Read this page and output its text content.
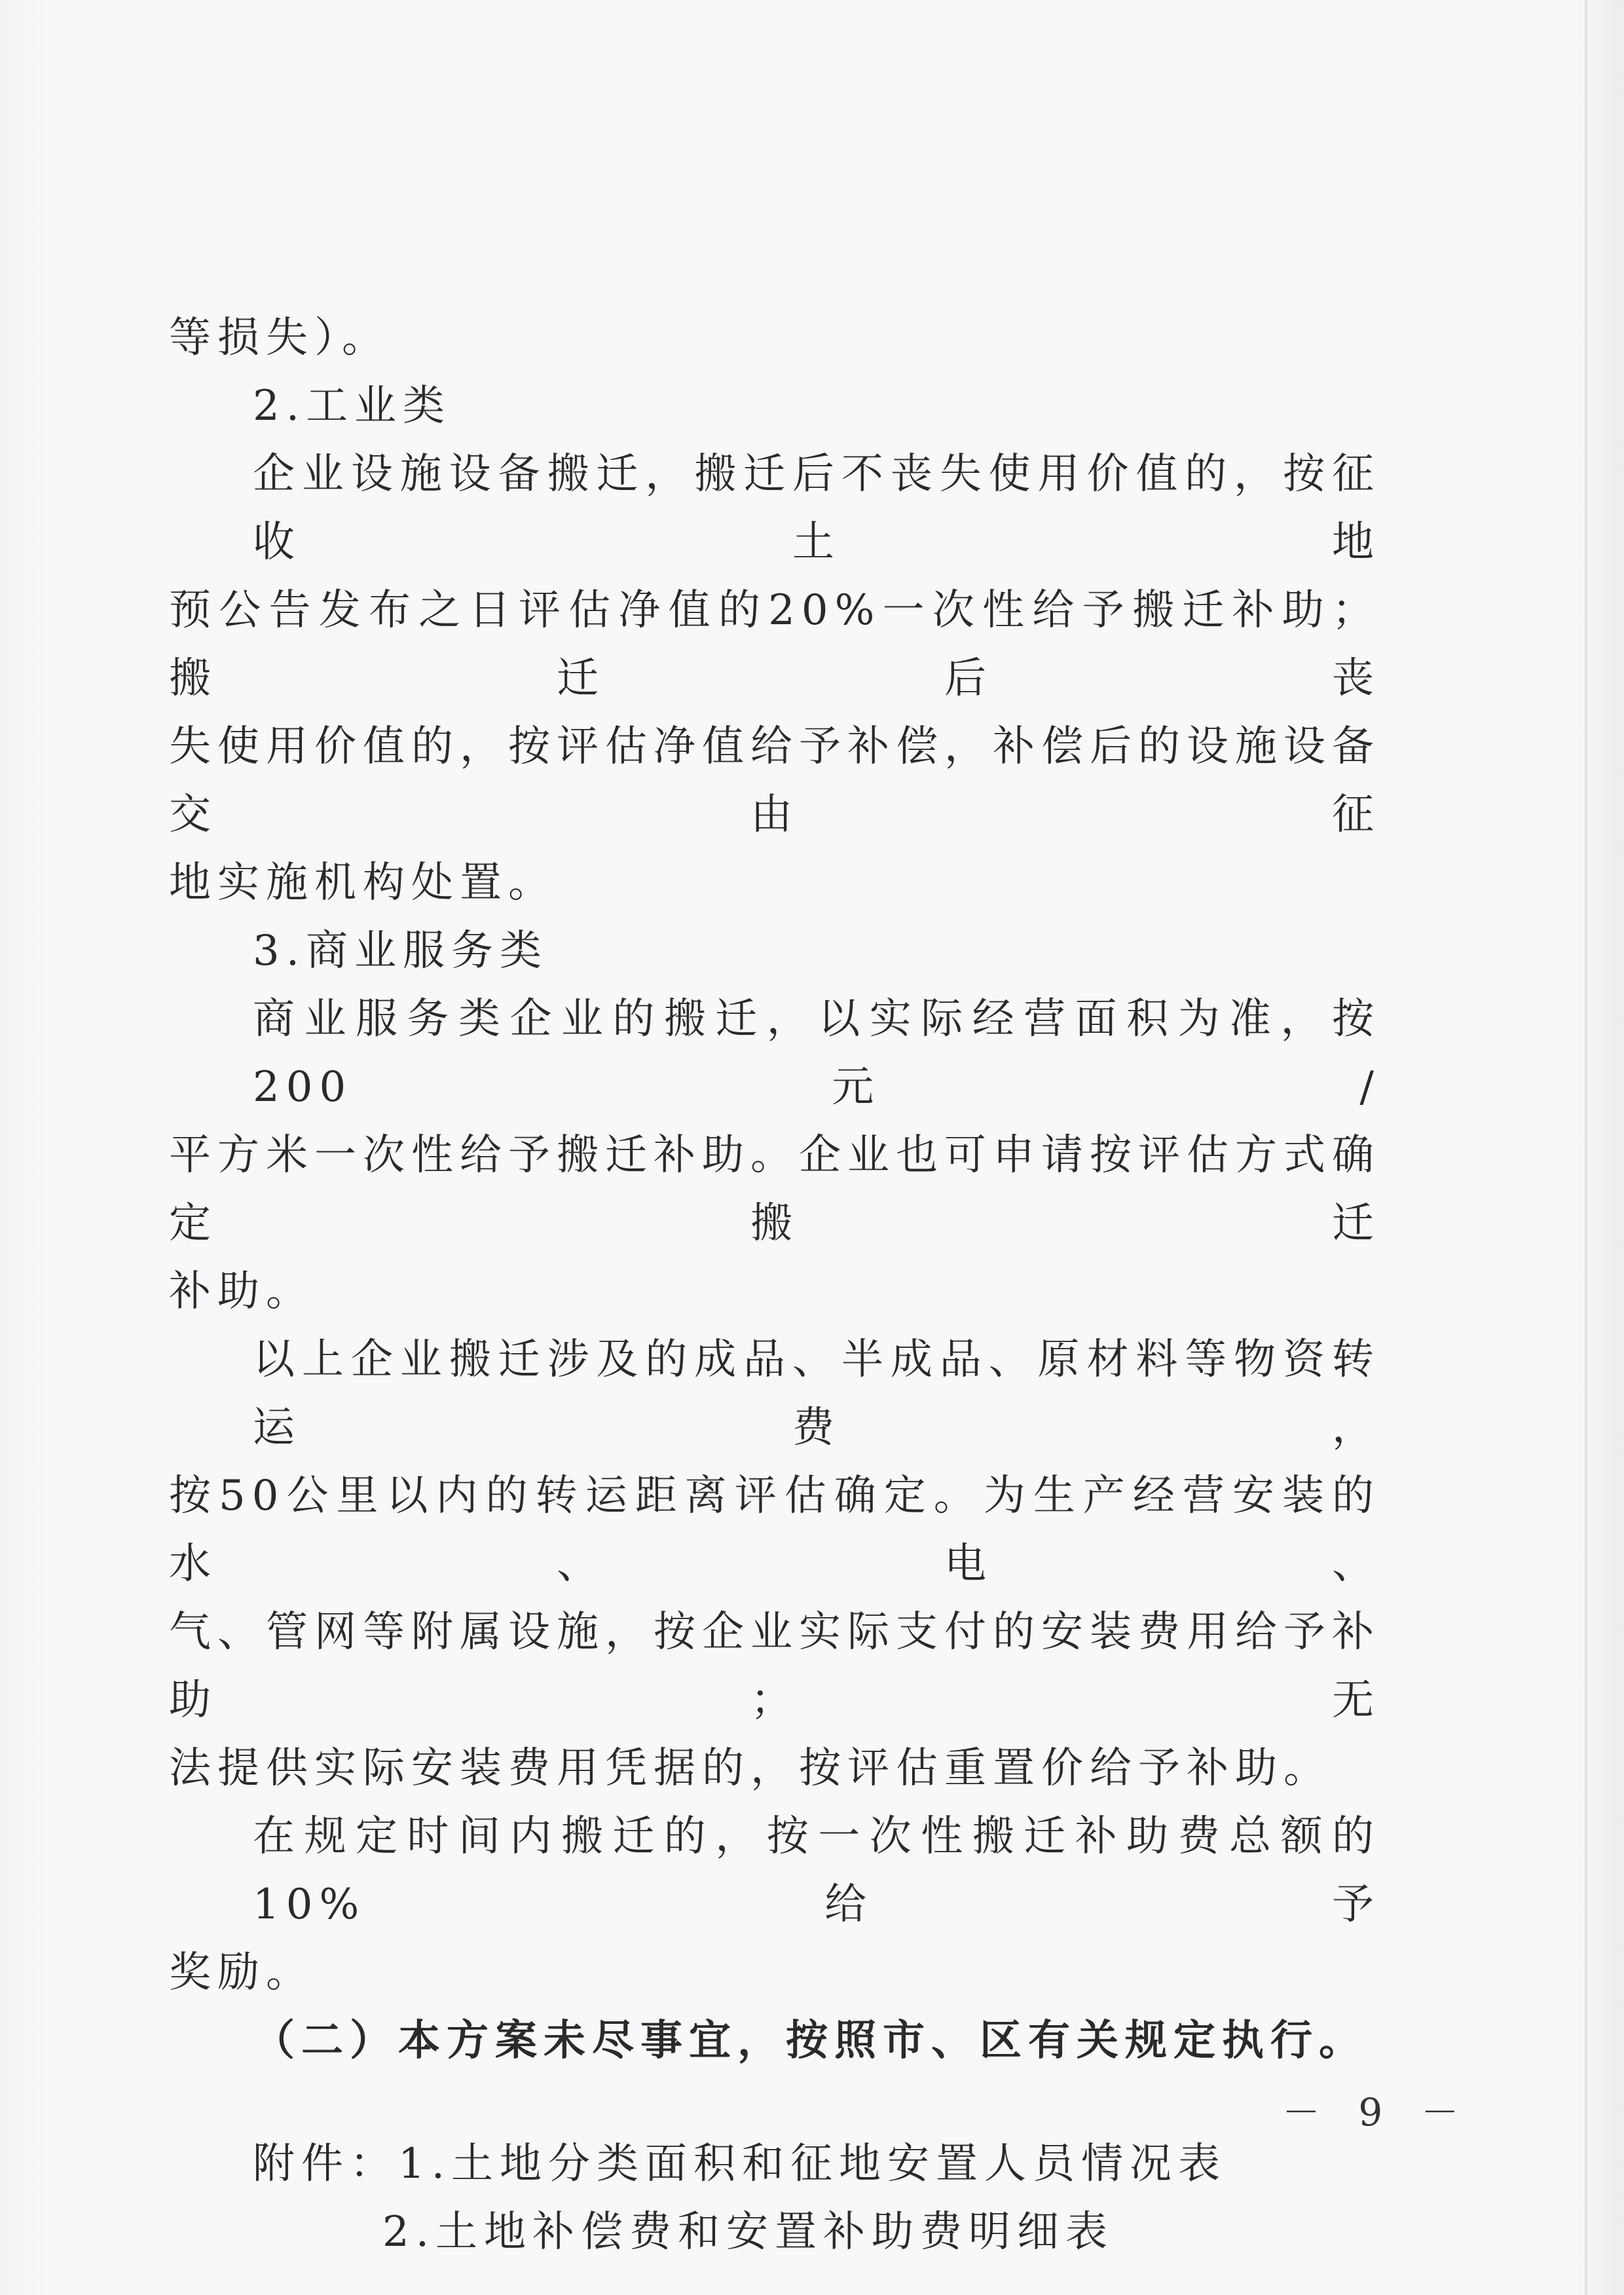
等损失）。

2.工业类

企业设施设备搬迁，搬迁后不丧失使用价值的，按征收土地

预公告发布之日评估净值的20%一次性给予搬迁补助；搬迁后丧

失使用价值的，按评估净值给予补偿，补偿后的设施设备交由征

地实施机构处置。

3.商业服务类

商业服务类企业的搬迁，以实际经营面积为准，按200元/

平方米一次性给予搬迁补助。企业也可申请按评估方式确定搬迁

补助。

以上企业搬迁涉及的成品、半成品、原材料等物资转运费，

按50公里以内的转运距离评估确定。为生产经营安装的水、电、

气、管网等附属设施，按企业实际支付的安装费用给予补助；无

法提供实际安装费用凭据的，按评估重置价给予补助。

在规定时间内搬迁的，按一次性搬迁补助费总额的10%给予

奖励。

（二）本方案未尽事宜，按照市、区有关规定执行。

附件：1.土地分类面积和征地安置人员情况表

2.土地补偿费和安置补助费明细表

－ 9 －
